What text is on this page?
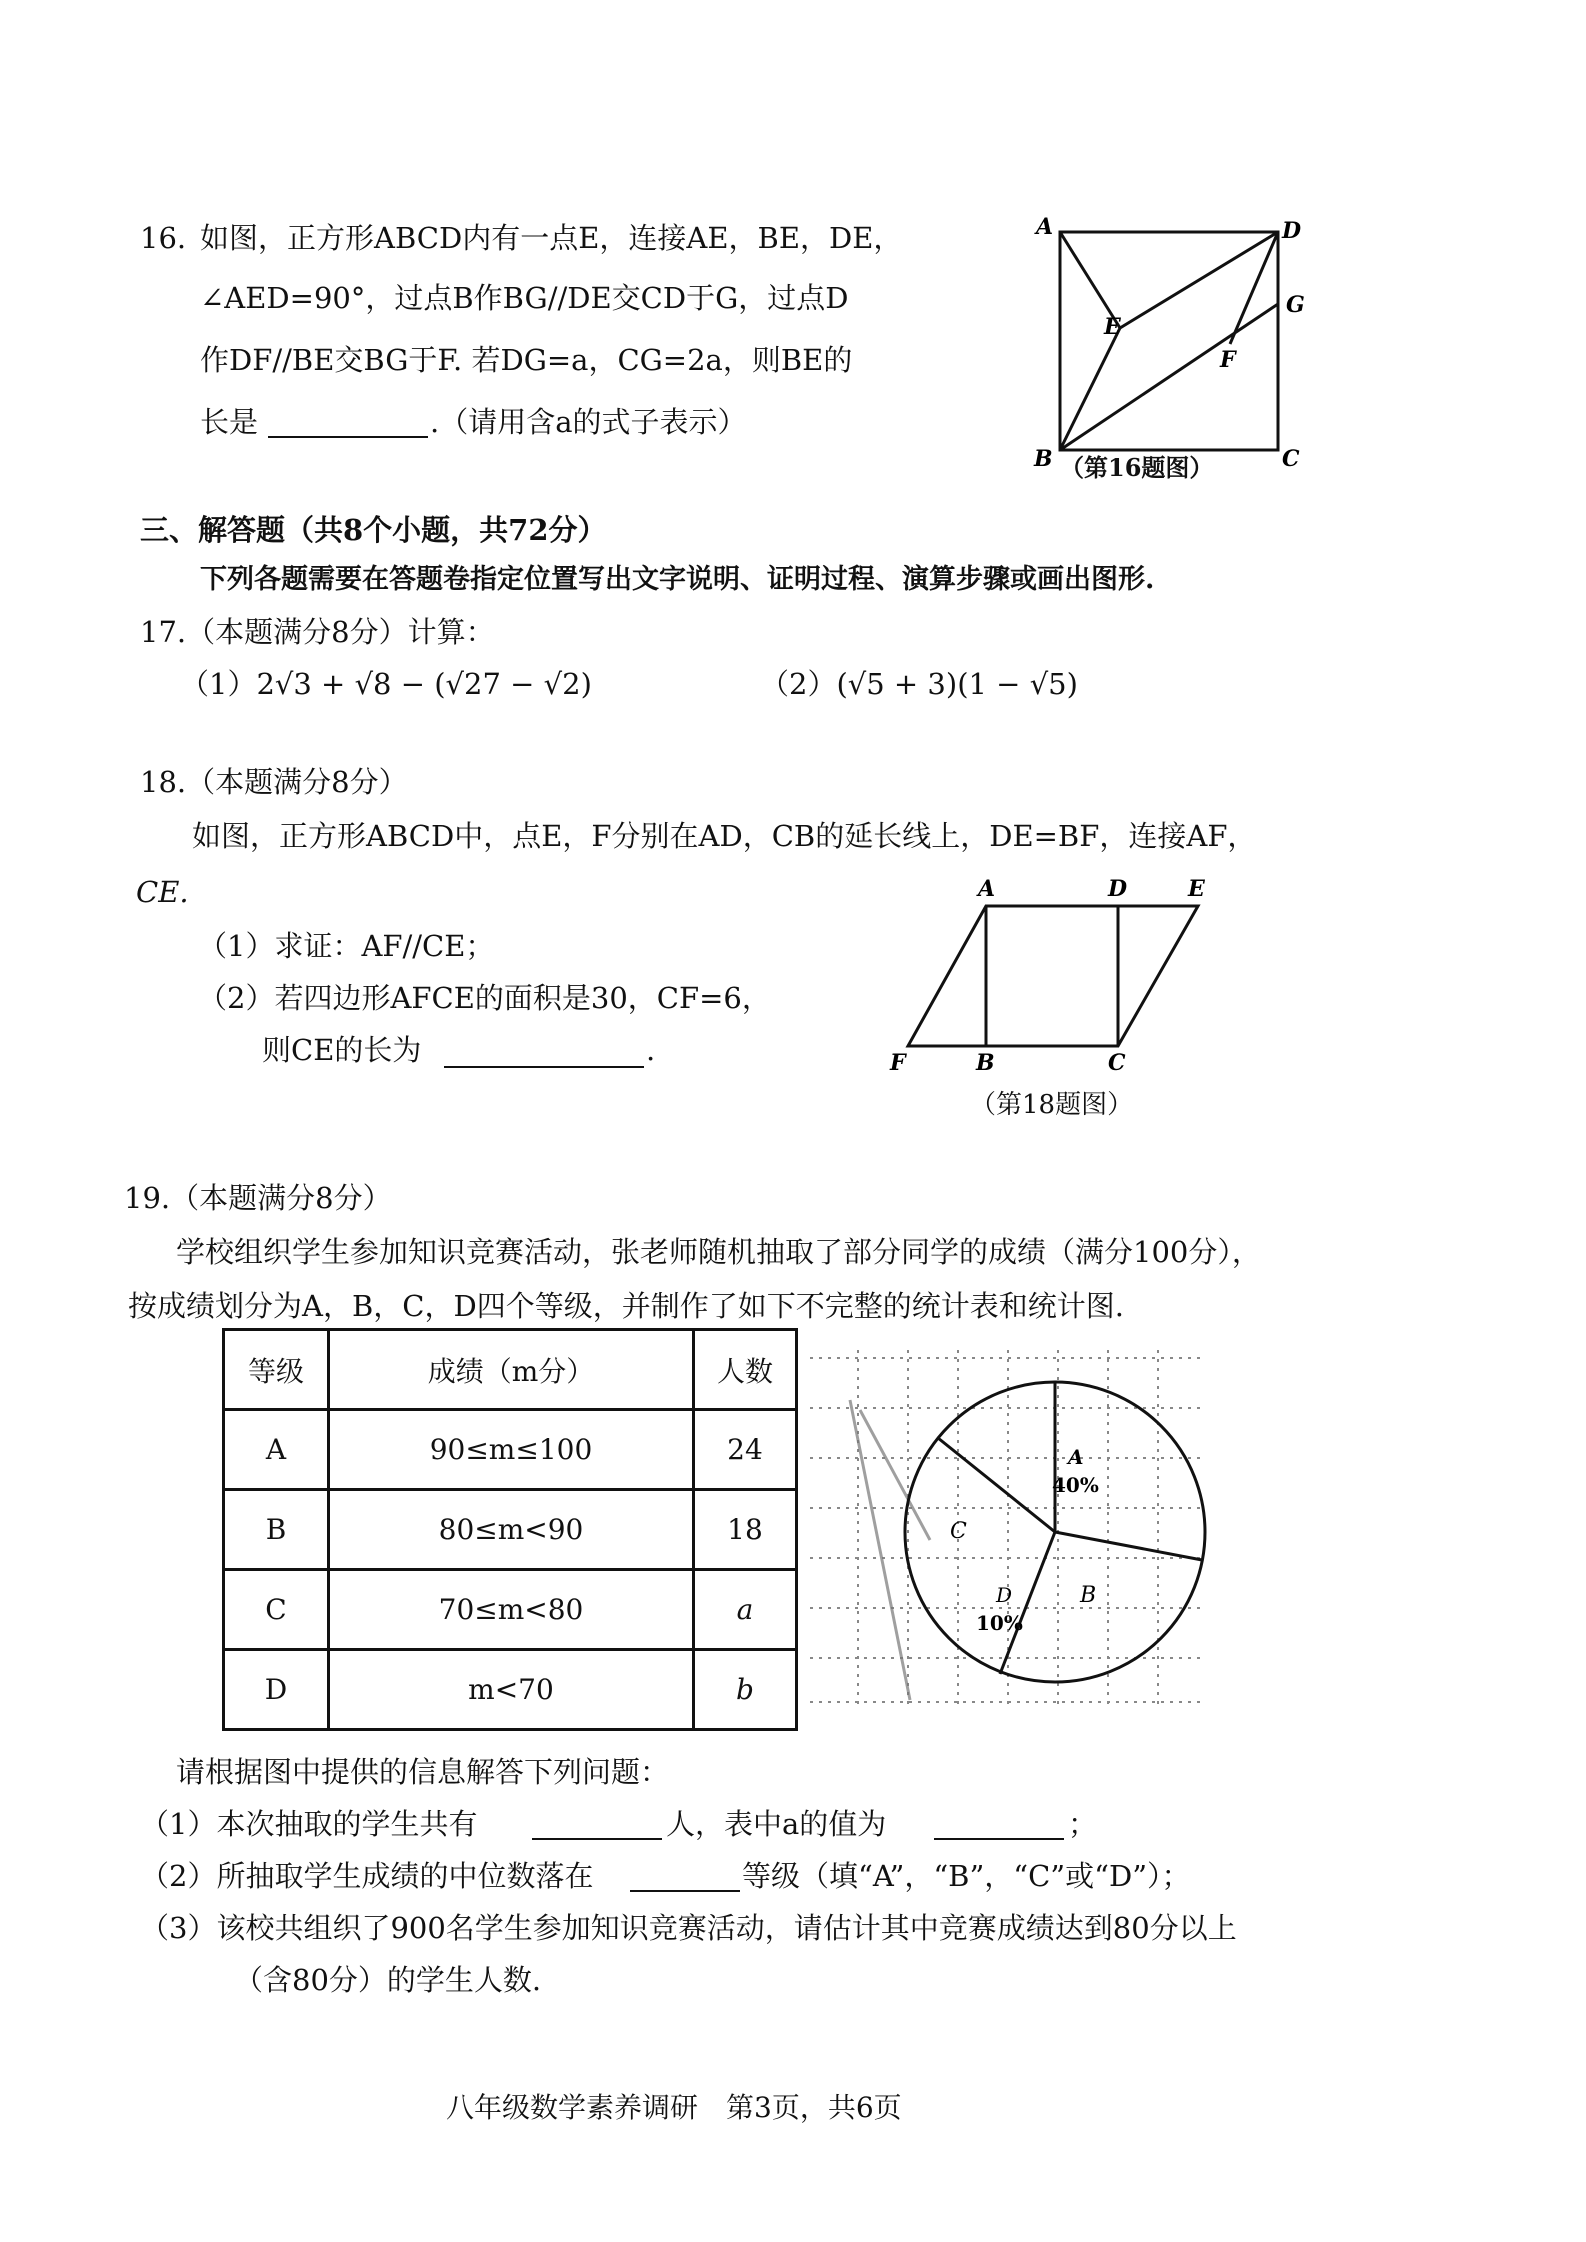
16. 如图，正方形ABCD内有一点E，连接AE，BE，DE，
∠AED=90°，过点B作BG//DE交CD于G，过点D
作DF//BE交BG于F. 若DG=a，CG=2a，则BE的
长是	.（请用含a的式子表示）
A	D
B	C
E
F
G
（第16题图）
三、解答题（共8个小题，共72分）
下列各题需要在答题卷指定位置写出文字说明、证明过程、演算步骤或画出图形.
17.（本题满分8分）计算：
（1）2√3 + √8 − (√27 − √2)	（2）(√5 + 3)(1 − √5)
18.（本题满分8分）
如图，正方形ABCD中，点E，F分别在AD，CB的延长线上，DE=BF，连接AF，
CE.
（1）求证：AF//CE；
（2）若四边形AFCE的面积是30，CF=6，
则CE的长为	.
A	D	E
F	B	C
（第18题图）
19.（本题满分8分）
学校组织学生参加知识竞赛活动，张老师随机抽取了部分同学的成绩（满分100分），
按成绩划分为A，B，C，D四个等级，并制作了如下不完整的统计表和统计图.
等级	成绩（m分）	人数
A	90≤m≤100	24
B	80≤m<90	18
C	70≤m<80	a
D	m<70	b
A
40%
C
B
D
10%
请根据图中提供的信息解答下列问题：
（1）本次抽取的学生共有	人，表中a的值为	；
（2）所抽取学生成绩的中位数落在	等级（填“A”，“B”，“C”或“D”）；
（3）该校共组织了900名学生参加知识竞赛活动，请估计其中竞赛成绩达到80分以上
（含80分）的学生人数.
八年级数学素养调研　第3页，共6页
